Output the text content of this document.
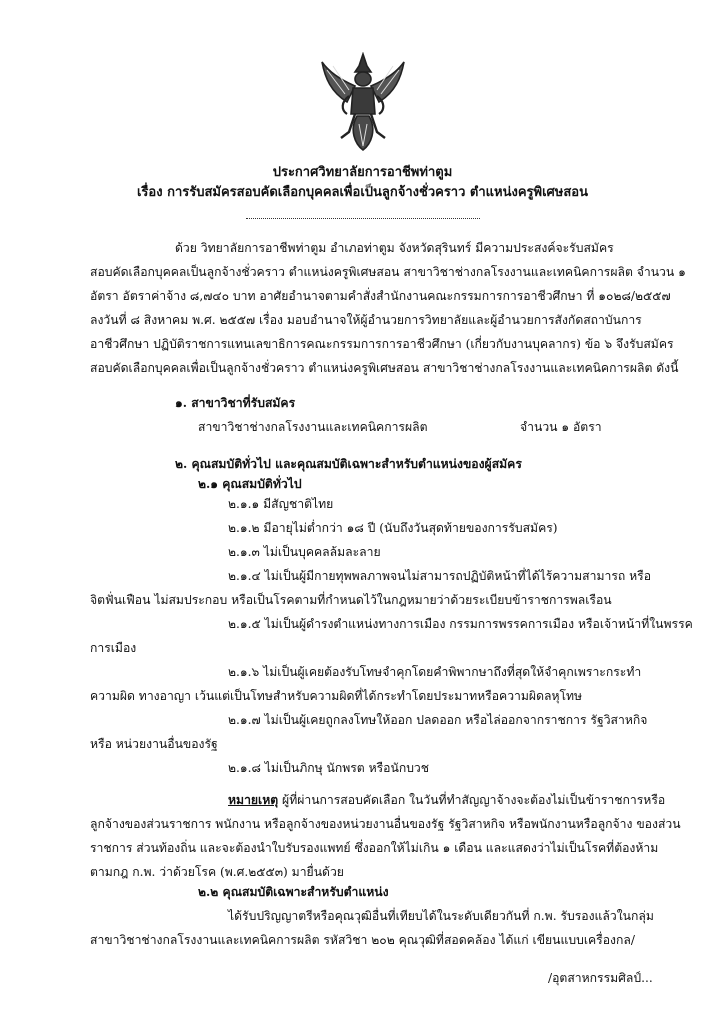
ประกาศวิทยาลัยการอาชีพท่าตูม
เรื่อง การรับสมัครสอบคัดเลือกบุคคลเพื่อเป็นลูกจ้างชั่วคราว ตำแหน่งครูพิเศษสอน
ด้วย วิทยาลัยการอาชีพท่าตูม อำเภอท่าตูม จังหวัดสุรินทร์ มีความประสงค์จะรับสมัคร
สอบคัดเลือกบุคคลเป็นลูกจ้างชั่วคราว ตำแหน่งครูพิเศษสอน สาขาวิชาช่างกลโรงงานและเทคนิคการผลิต จำนวน ๑
อัตรา อัตราค่าจ้าง ๘,๗๔๐ บาท อาศัยอำนาจตามคำสั่งสำนักงานคณะกรรมการการอาชีวศึกษา ที่ ๑๐๒๘/๒๕๕๗
ลงวันที่ ๘ สิงหาคม พ.ศ. ๒๕๕๗ เรื่อง มอบอำนาจให้ผู้อำนวยการวิทยาลัยและผู้อำนวยการสังกัดสถาบันการ
อาชีวศึกษา ปฏิบัติราชการแทนเลขาธิการคณะกรรมการการอาชีวศึกษา (เกี่ยวกับงานบุคลากร) ข้อ ๖ จึงรับสมัคร
สอบคัดเลือกบุคคลเพื่อเป็นลูกจ้างชั่วคราว ตำแหน่งครูพิเศษสอน สาขาวิชาช่างกลโรงงานและเทคนิคการผลิต ดังนี้
๑. สาขาวิชาที่รับสมัคร
สาขาวิชาช่างกลโรงงานและเทคนิคการผลิต	จำนวน ๑ อัตรา
๒. คุณสมบัติทั่วไป และคุณสมบัติเฉพาะสำหรับตำแหน่งของผู้สมัคร
๒.๑ คุณสมบัติทั่วไป
๒.๑.๑ มีสัญชาติไทย
๒.๑.๒ มีอายุไม่ต่ำกว่า ๑๘ ปี (นับถึงวันสุดท้ายของการรับสมัคร)
๒.๑.๓ ไม่เป็นบุคคลล้มละลาย
๒.๑.๔ ไม่เป็นผู้มีกายทุพพลภาพจนไม่สามารถปฏิบัติหน้าที่ได้ไร้ความสามารถ หรือ
จิตฟั่นเฟือน ไม่สมประกอบ หรือเป็นโรคตามที่กำหนดไว้ในกฎหมายว่าด้วยระเบียบข้าราชการพลเรือน
๒.๑.๕ ไม่เป็นผู้ดำรงตำแหน่งทางการเมือง กรรมการพรรคการเมือง หรือเจ้าหน้าที่ในพรรค
การเมือง
๒.๑.๖ ไม่เป็นผู้เคยต้องรับโทษจำคุกโดยคำพิพากษาถึงที่สุดให้จำคุกเพราะกระทำ
ความผิด ทางอาญา เว้นแต่เป็นโทษสำหรับความผิดที่ได้กระทำโดยประมาทหรือความผิดลหุโทษ
๒.๑.๗ ไม่เป็นผู้เคยถูกลงโทษให้ออก ปลดออก หรือไล่ออกจากราชการ รัฐวิสาหกิจ
หรือ หน่วยงานอื่นของรัฐ
๒.๑.๘ ไม่เป็นภิกษุ นักพรต หรือนักบวช
หมายเหตุ ผู้ที่ผ่านการสอบคัดเลือก ในวันที่ทำสัญญาจ้างจะต้องไม่เป็นข้าราชการหรือ
ลูกจ้างของส่วนราชการ พนักงาน หรือลูกจ้างของหน่วยงานอื่นของรัฐ รัฐวิสาหกิจ หรือพนักงานหรือลูกจ้าง ของส่วน
ราชการ ส่วนท้องถิ่น และจะต้องนำใบรับรองแพทย์ ซึ่งออกให้ไม่เกิน ๑ เดือน และแสดงว่าไม่เป็นโรคที่ต้องห้าม
ตามกฎ ก.พ. ว่าด้วยโรค (พ.ศ.๒๕๕๓) มายื่นด้วย
๒.๒ คุณสมบัติเฉพาะสำหรับตำแหน่ง
ได้รับปริญญาตรีหรือคุณวุฒิอื่นที่เทียบได้ในระดับเดียวกันที่ ก.พ. รับรองแล้วในกลุ่ม
สาขาวิชาช่างกลโรงงานและเทคนิคการผลิต รหัสวิชา ๒๐๒ คุณวุฒิที่สอดคล้อง ได้แก่ เขียนแบบเครื่องกล/
/อุตสาหกรรมศิลป์...
